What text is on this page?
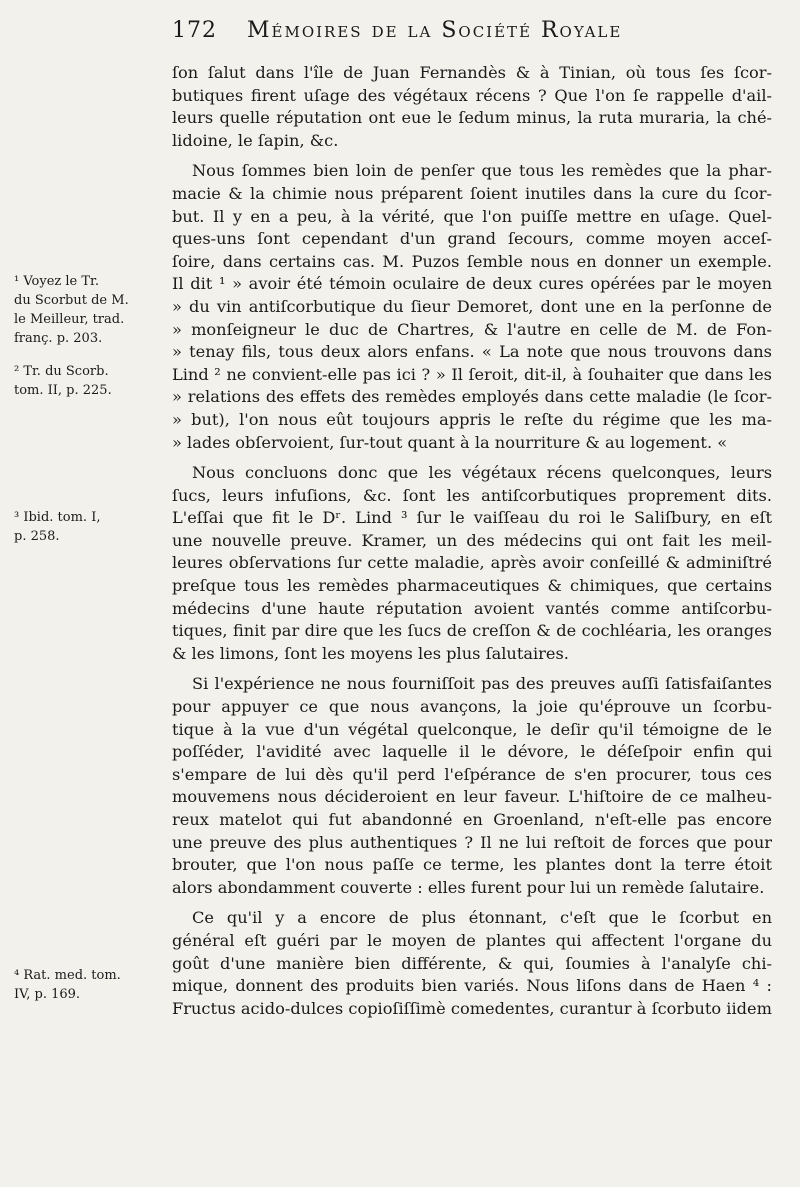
172 Mémoires de la Société Royale
¹ Voyez le Tr.
du Scorbut de M.
le Meilleur, trad.
franç. p. 203.
² Tr. du Scorb.
tom. II, p. 225.
³ Ibid. tom. I,
p. 258.
⁴ Rat. med. tom.
IV, p. 169.

ſon ſalut dans l'île de Juan Fernandès & à Tinian, où tous ſes ſcor-
butiques firent uſage des végétaux récens ? Que l'on ſe rappelle d'ail-
leurs quelle réputation ont eue le ſedum minus, la ruta muraria, la ché-
lidoine, le ſapin, &c.

Nous ſommes bien loin de penſer que tous les remèdes que la phar-
macie & la chimie nous préparent ſoient inutiles dans la cure du ſcor-
but. Il y en a peu, à la vérité, que l'on puiſſe mettre en uſage. Quel-
ques-uns ſont cependant d'un grand ſecours, comme moyen acceſ-
ſoire, dans certains cas. M. Puzos ſemble nous en donner un exemple.
Il dit ¹ » avoir été témoin oculaire de deux cures opérées par le moyen
» du vin antiſcorbutique du ſieur Demoret, dont une en la perſonne de
» monſeigneur le duc de Chartres, & l'autre en celle de M. de Fon-
» tenay fils, tous deux alors enfans. « La note que nous trouvons dans
Lind ² ne convient-elle pas ici ? » Il ſeroit, dit-il, à ſouhaiter que dans les
» relations des effets des remèdes employés dans cette maladie (le ſcor-
» but), l'on nous eût toujours appris le reſte du régime que les ma-
» lades obſervoient, ſur-tout quant à la nourriture & au logement. «

Nous concluons donc que les végétaux récens quelconques, leurs
ſucs, leurs infuſions, &c. ſont les antiſcorbutiques proprement dits.
L'eſſai que fit le Dʳ. Lind ³ ſur le vaiſſeau du roi le Saliſbury, en eſt
une nouvelle preuve. Kramer, un des médecins qui ont fait les meil-
leures obſervations ſur cette maladie, après avoir conſeillé & adminiſtré
preſque tous les remèdes pharmaceutiques & chimiques, que certains
médecins d'une haute réputation avoient vantés comme antiſcorbu-
tiques, finit par dire que les ſucs de creſſon & de cochléaria, les oranges
& les limons, ſont les moyens les plus ſalutaires.

Si l'expérience ne nous fourniſſoit pas des preuves auſſi ſatisfaiſantes
pour appuyer ce que nous avançons, la joie qu'éprouve un ſcorbu-
tique à la vue d'un végétal quelconque, le deſir qu'il témoigne de le
poſſéder, l'avidité avec laquelle il le dévore, le déſeſpoir enfin qui
s'empare de lui dès qu'il perd l'eſpérance de s'en procurer, tous ces
mouvemens nous décideroient en leur faveur. L'hiſtoire de ce malheu-
reux matelot qui fut abandonné en Groenland, n'eſt-elle pas encore
une preuve des plus authentiques ? Il ne lui reſtoit de forces que pour
brouter, que l'on nous paſſe ce terme, les plantes dont la terre étoit
alors abondamment couverte : elles furent pour lui un remède ſalutaire.

Ce qu'il y a encore de plus étonnant, c'eſt que le ſcorbut en
général eſt guéri par le moyen de plantes qui affectent l'organe du
goût d'une manière bien différente, & qui, ſoumies à l'analyſe chi-
mique, donnent des produits bien variés. Nous liſons dans de Haen ⁴ :
Fructus acido-dulces copioſiſſimè comedentes, curantur à ſcorbuto iidem
